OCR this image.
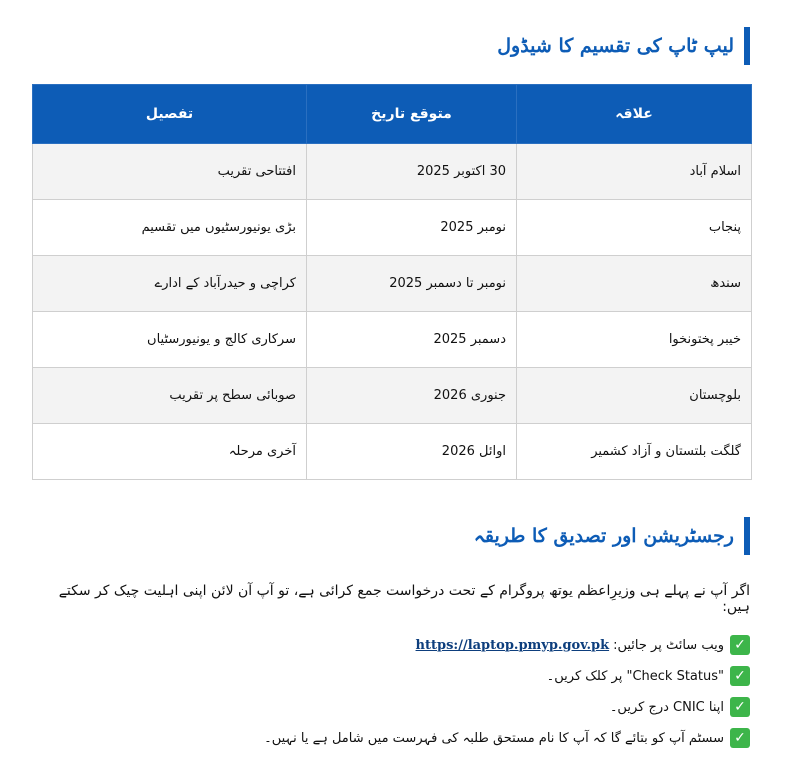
لیپ ٹاپ کی تقسیم کا شیڈول
علاقہ	متوقع تاریخ	تفصیل
اسلام آباد	30 اکتوبر 2025	افتتاحی تقریب
پنجاب	نومبر 2025	بڑی یونیورسٹیوں میں تقسیم
سندھ	نومبر تا دسمبر 2025	کراچی و حیدرآباد کے ادارے
خیبر پختونخوا	دسمبر 2025	سرکاری کالج و یونیورسٹیاں
بلوچستان	جنوری 2026	صوبائی سطح پر تقریب
گلگت بلتستان و آزاد کشمیر	اوائل 2026	آخری مرحلہ
رجسٹریشن اور تصدیق کا طریقہ
اگر آپ نے پہلے ہی وزیرِاعظم یوتھ پروگرام کے تحت درخواست جمع کرائی ہے، تو آپ آن لائن اپنی اہلیت چیک کر سکتے ہیں:
✓
ویب سائٹ پر جائیں:
https://laptop.pmyp.gov.pk
✓
"Check Status" پر کلک کریں۔
✓
اپنا CNIC درج کریں۔
✓
سسٹم آپ کو بتائے گا کہ آپ کا نام مستحق طلبہ کی فہرست میں شامل ہے یا نہیں۔
